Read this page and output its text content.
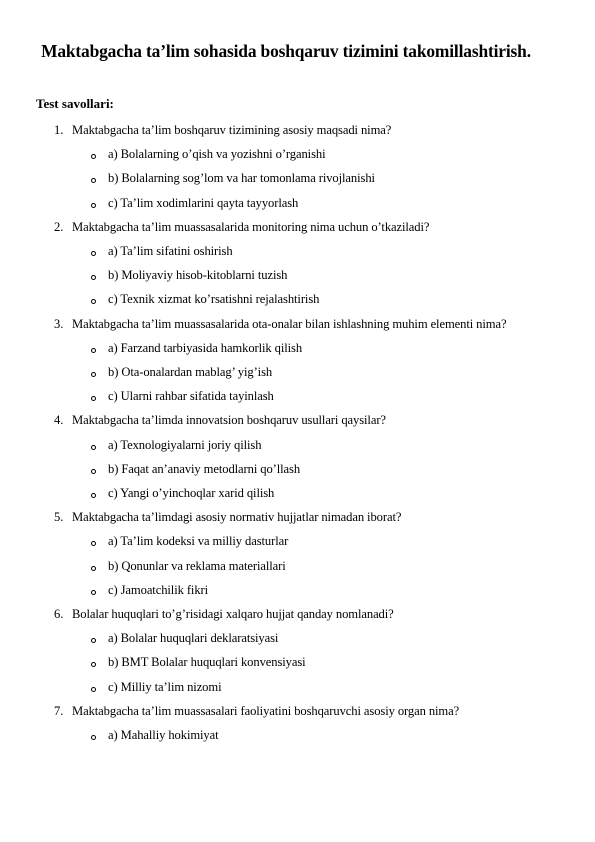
Maktabgacha ta’lim sohasida boshqaruv tizimini takomillashtirish.

Test savollari:

1. Maktabgacha ta’lim boshqaruv tizimining asosiy maqsadi nima?
a) Bolalarning o’qish va yozishni o’rganishi
b) Bolalarning sog’lom va har tomonlama rivojlanishi
c) Ta’lim xodimlarini qayta tayyorlash
2. Maktabgacha ta’lim muassasalarida monitoring nima uchun o’tkaziladi?
a) Ta’lim sifatini oshirish
b) Moliyaviy hisob-kitoblarni tuzish
c) Texnik xizmat ko’rsatishni rejalashtirish
3. Maktabgacha ta’lim muassasalarida ota-onalar bilan ishlashning muhim elementi nima?
a) Farzand tarbiyasida hamkorlik qilish
b) Ota-onalardan mablag’ yig’ish
c) Ularni rahbar sifatida tayinlash
4. Maktabgacha ta’limda innovatsion boshqaruv usullari qaysilar?
a) Texnologiyalarni joriy qilish
b) Faqat an’anaviy metodlarni qo’llash
c) Yangi o’yinchoqlar xarid qilish
5. Maktabgacha ta’limdagi asosiy normativ hujjatlar nimadan iborat?
a) Ta’lim kodeksi va milliy dasturlar
b) Qonunlar va reklama materiallari
c) Jamoatchilik fikri
6. Bolalar huquqlari to’g’risidagi xalqaro hujjat qanday nomlanadi?
a) Bolalar huquqlari deklaratsiyasi
b) BMT Bolalar huquqlari konvensiyasi
c) Milliy ta’lim nizomi
7. Maktabgacha ta’lim muassasalari faoliyatini boshqaruvchi asosiy organ nima?
a) Mahalliy hokimiyat
